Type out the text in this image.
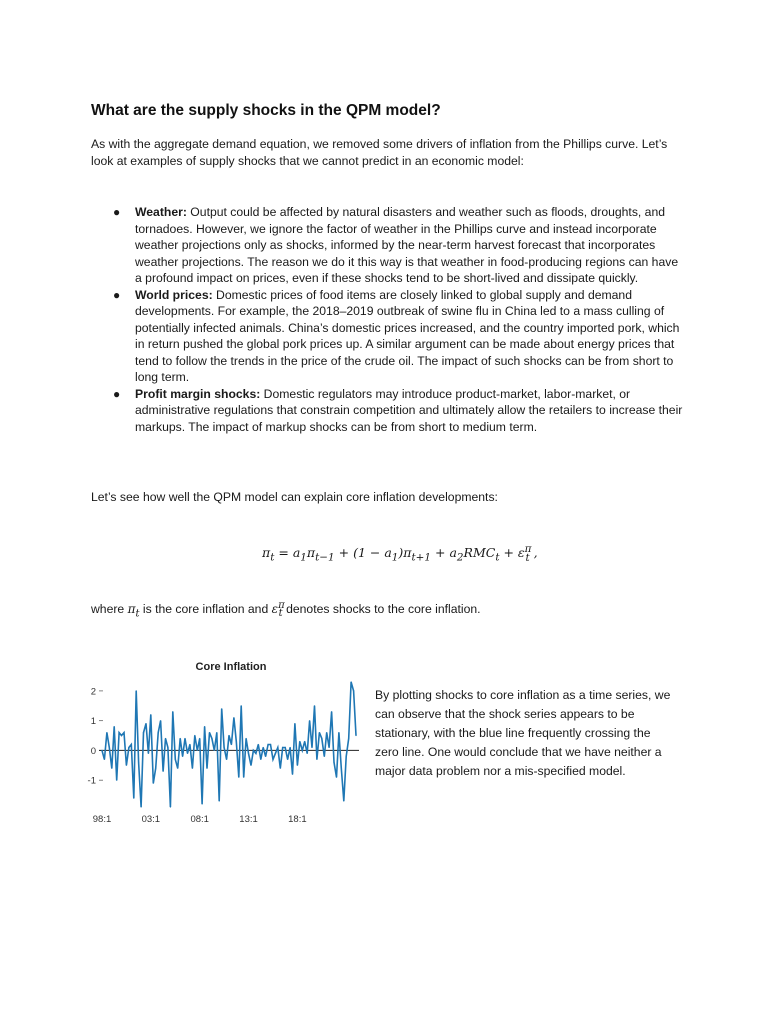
What are the supply shocks in the QPM model?

As with the aggregate demand equation, we removed some drivers of inflation from the Phillips curve. Let’s look at examples of supply shocks that we cannot predict in an economic model:

● Weather: Output could be affected by natural disasters and weather such as floods, droughts, and tornadoes. However, we ignore the factor of weather in the Phillips curve and instead incorporate weather projections only as shocks, informed by the near-term harvest forecast that incorporates weather projections. The reason we do it this way is that weather in food-producing regions can have a profound impact on prices, even if these shocks tend to be short-lived and dissipate quickly.
● World prices: Domestic prices of food items are closely linked to global supply and demand developments. For example, the 2018–2019 outbreak of swine flu in China led to a mass culling of potentially infected animals. China’s domestic prices increased, and the country imported pork, which in return pushed the global pork prices up. A similar argument can be made about energy prices that tend to follow the trends in the price of the crude oil. The impact of such shocks can be from short to long term.
● Profit margin shocks: Domestic regulators may introduce product-market, labor-market, or administrative regulations that constrain competition and ultimately allow the retailers to increase their markups. The impact of markup shocks can be from short to medium term.

Let’s see how well the QPM model can explain core inflation developments:

$\pi_t = a_1\pi_{t-1} + (1 - a_1)\pi_{t+1} + a_2RMC_t + \varepsilon^\pi_t$ ,

where $\pi_t$ is the core inflation and $\varepsilon^\pi_t$ denotes shocks to the core inflation.

Core Inflation
2
1
0
-1
98:1	03:1	08:1	13:1	18:1

By plotting shocks to core inflation as a time series, we can observe that the shock series appears to be stationary, with the blue line frequently crossing the zero line. One would conclude that we have neither a major data problem nor a mis-specified model.
